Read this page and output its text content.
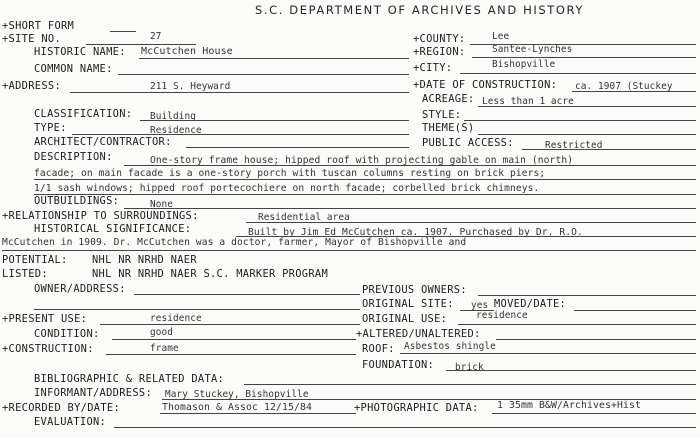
S.C. DEPARTMENT OF ARCHIVES AND HISTORY
+SHORT FORM
+SITE NO.	27	+COUNTY:	Lee
HISTORIC NAME: McCutchen House	+REGION:	Santee-Lynches
COMMON NAME:	+CITY:	Bishopville
+ADDRESS:	211 S. Heyward	+DATE OF CONSTRUCTION: ca. 1907 (Stuckey
ACREAGE: Less than 1 acre
CLASSIFICATION: Building	STYLE:
TYPE:	Residence	THEME(S)
ARCHITECT/CONTRACTOR:	PUBLIC ACCESS:	Restricted
DESCRIPTION:	One-story frame house; hipped roof with projecting gable on main (north)
facade; on main facade is a one-story porch with tuscan columns resting on brick piers;
1/1 sash windows; hipped roof portecochiere on north facade; corbelled brick chimneys.
OUTBUILDINGS:	None
+RELATIONSHIP TO SURROUNDINGS:	Residential area
HISTORICAL SIGNIFICANCE:	Built by Jim Ed McCutchen ca. 1907. Purchased by Dr. R.O.
McCutchen in 1909. Dr. McCutchen was a doctor, farmer, Mayor of Bishopville and
POTENTIAL: NHL NR NRHD NAER
LISTED:	NHL NR NRHD NAER S.C. MARKER PROGRAM
OWNER/ADDRESS:	PREVIOUS OWNERS:
ORIGINAL SITE: yes MOVED/DATE:
+PRESENT USE:	residence	ORIGINAL USE:	residence
CONDITION:	good	+ALTERED/UNALTERED:
+CONSTRUCTION:	frame	ROOF: Asbestos shingle
FOUNDATION: brick
BIBLIOGRAPHIC & RELATED DATA:
INFORMANT/ADDRESS: Mary Stuckey, Bishopville
+RECORDED BY/DATE:	Thomason & Assoc 12/15/84	+PHOTOGRAPHIC DATA: 1 35mm B&W/Archives+Hist
EVALUATION:
